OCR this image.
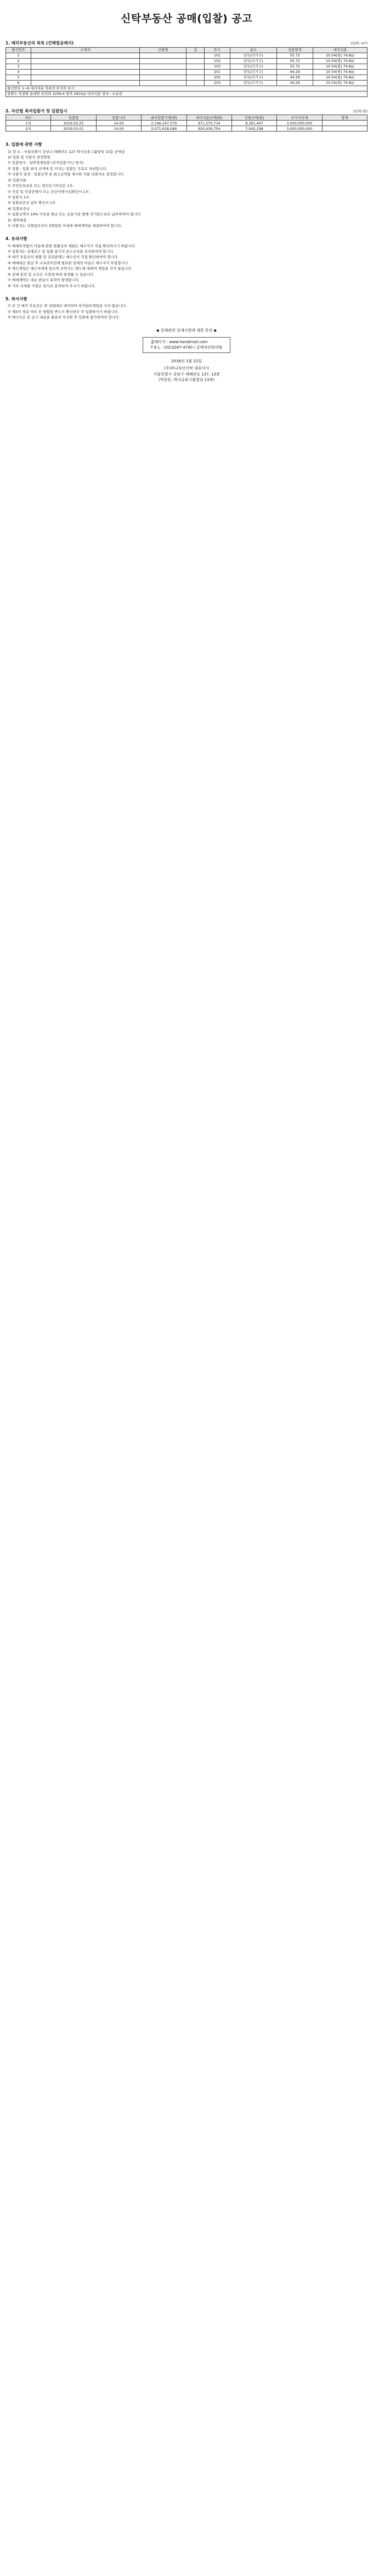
신탁부동산 공매(입찰) 공고
1. 매각부동산의 목록 (건택법공매지)	(단위: m²)
물건번호	소재지	건물명	층	호수	용도	전용면적	대지지분
1				101	단독(다가구)	55.72	10.54(평) 74.8㎡
2				102	단독(다가구)	55.72	10.54(평) 74.8㎡
3				103	단독(다가구)	55.72	10.54(평) 74.8㎡
4				201	단독(다가구)	44.29	10.54(평) 74.8㎡
5				202	단독(다가구)	44.29	10.54(평) 74.8㎡
6				203	단독(다가구)	44.29	10.54(평) 74.8㎡
물건번호 1~6 대지지분 목록의 토지의 표시							
창원도 북창원 롯데면 삼강리 1259-4 임야 1915㎡ 대지지분 정리 : 소유권							
2. 자산별 최저입찰가 및 입찰일시	(단위:원)
차수	입찰일	입찰시간	최저입찰가격(원)	대지지분금액(원)	건물금액(원)	부가가치세	합계
1차	2016.02.25	14:00	2,196,247,579	971,570,734	8,361,447	3,000,000,000	
2차	2016.03.01	14:00	2,071,618,048	920,439,754	7,942,198	3,000,000,000	
3. 입찰에 관한 사항

1) 장 소 : 서울특별시 강남구 테헤란로 127 하나금융그룹빌딩 13층 공매실

2) 입찰 및 낙찰자 결정방법

① 입찰방식 : 일반경쟁입찰 (전자입찰 아닌 방식)

② 입찰 : 입찰 최저 금액에 못 미치는 입찰은 무효로 처리합니다.

③ 낙찰자 결정 : 입찰금액 중 최고금액을 제시한 자를 낙찰자로 결정합니다.

3) 입찰서류

① 주민등록초본 또는 법인등기부등본 1부.

② 인감 및 인감증명서 또는 본인서명사실확인서 1부.

③ 입찰서 1부.

④ 입찰보증금 납부 확인서 1부.

4) 입찰보증금

① 입찰금액의 10% 이상을 현금 또는 금융기관 발행 자기앞수표로 납부하여야 합니다.

5) 계약체결

① 낙찰자는 낙찰일로부터 3영업일 이내에 매매계약을 체결하여야 합니다.

4. 유의사항

① 매매목적물의 이용에 관한 법률상의 제한은 매수자가 직접 확인하시기 바랍니다.

② 입찰자는 공매공고 및 입찰 참가자 준수규칙을 숙지하여야 합니다.

③ 매각 부동산의 현황 및 권리관계는 매수인이 직접 확인하여야 합니다.

④ 매매대금 완납 후 소유권이전에 필요한 일체의 비용은 매수자가 부담합니다.

⑤ 명도책임은 매수자에게 있으며 신탁사는 명도에 대하여 책임을 지지 않습니다.

⑥ 공매 일정 및 조건은 사정에 따라 변경될 수 있습니다.

⑦ 매매계약은 대금 완납시 효력이 발생합니다.

⑧ 기타 자세한 사항은 당사로 문의하여 주시기 바랍니다.

5. 특이사항

① 본 건 매각 부동산은 현 상태대로 매각하며 하자담보책임을 지지 않습니다.

② 제3자 점유 여부 등 현황을 반드시 확인하신 후 입찰하시기 바랍니다.

③ 매수인은 본 공고 내용을 충분히 숙지한 후 입찰에 참가하여야 합니다.

◆ 공매관련 상세사항에 대한 문의 ◆
홈페이지 : www.hanatrust.com
T E L : (02)3287-4700 / 공매자산관리팀
2016년 1월 22일
(주)하나자산신탁 대표이사
서울특별시 강남구 테헤란로 127, 13층
(역삼동, 하나금융그룹빌딩 13층)
